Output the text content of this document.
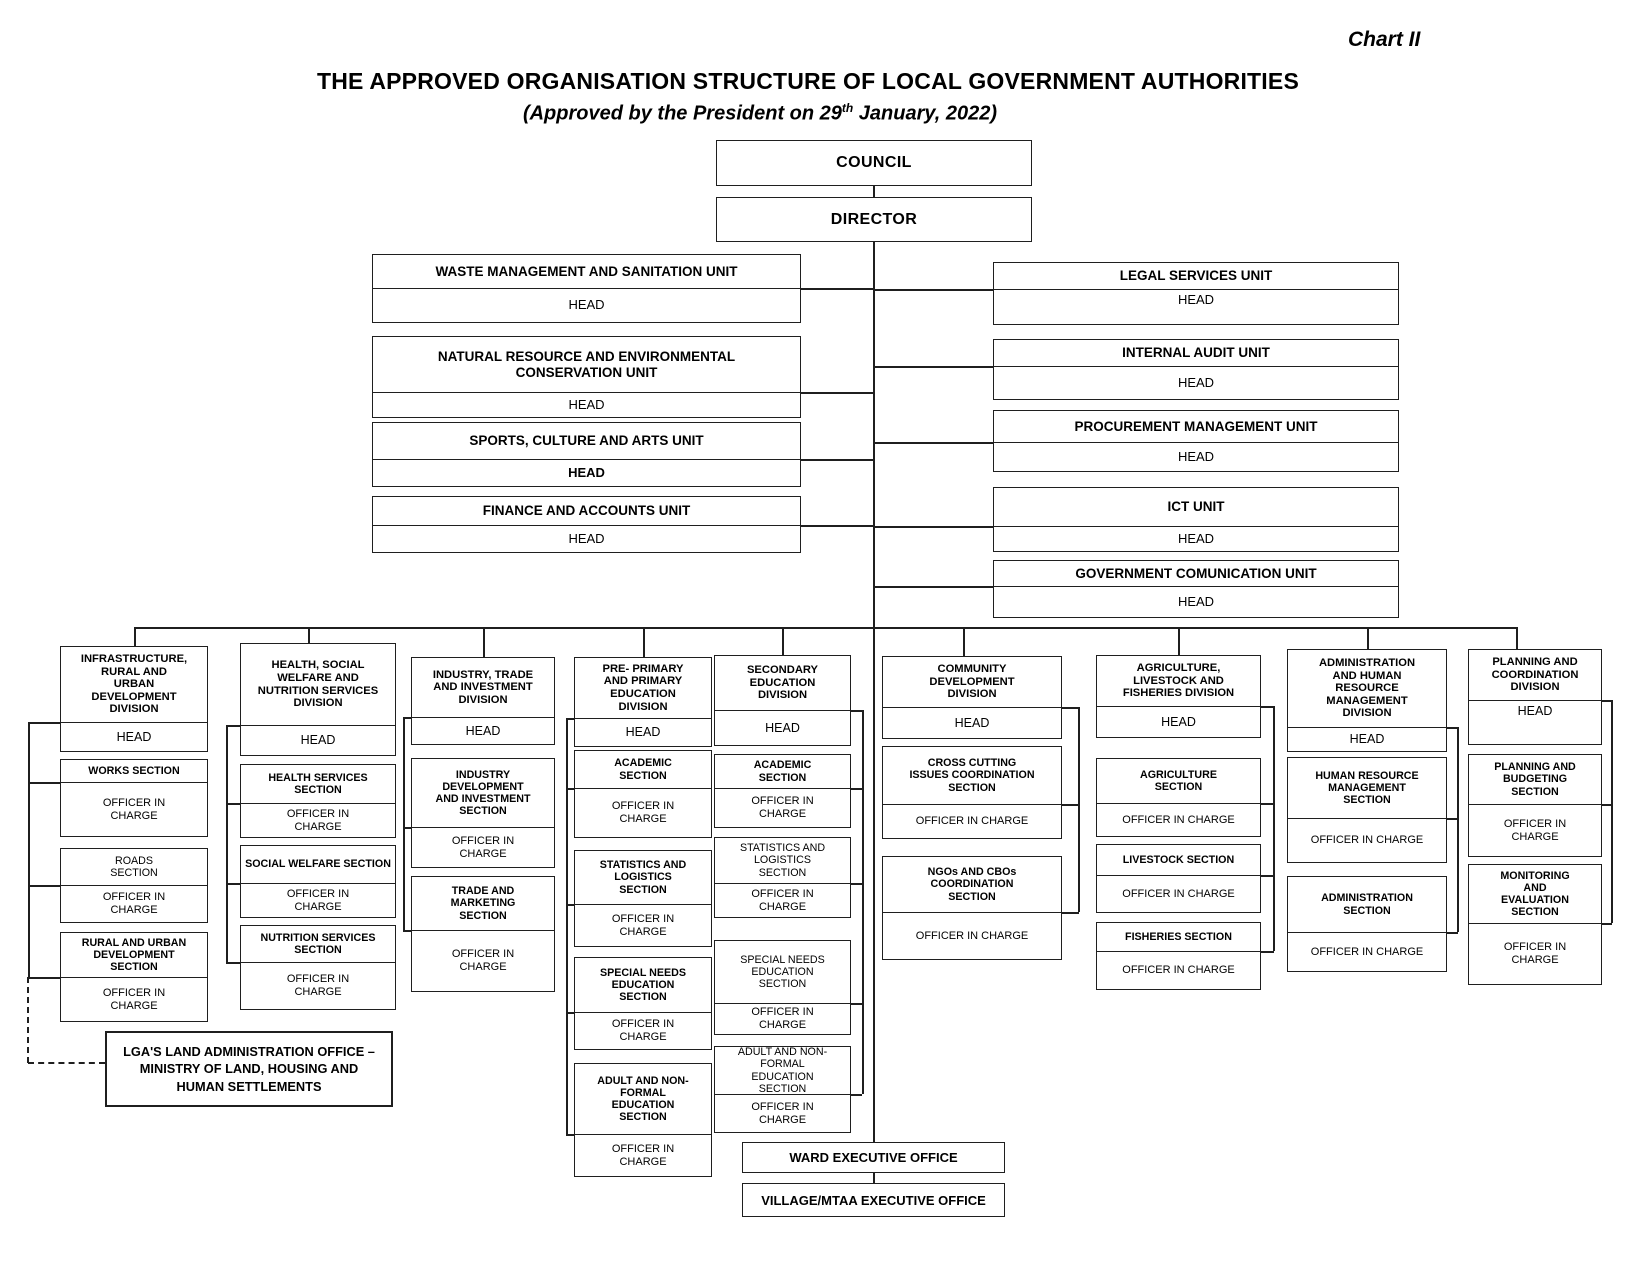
Chart II
THE APPROVED ORGANISATION STRUCTURE OF LOCAL GOVERNMENT AUTHORITIES
(Approved by the President on 29th January, 2022)
COUNCIL
DIRECTOR
WASTE MANAGEMENT AND SANITATION UNIT
HEAD
NATURAL RESOURCE AND ENVIRONMENTAL CONSERVATION UNIT
HEAD
SPORTS, CULTURE AND ARTS UNIT
HEAD
FINANCE AND ACCOUNTS UNIT
HEAD
LEGAL SERVICES UNIT
HEAD
INTERNAL AUDIT UNIT
HEAD
PROCUREMENT MANAGEMENT UNIT
HEAD
ICT UNIT
HEAD
GOVERNMENT COMUNICATION UNIT
HEAD
INFRASTRUCTURE, RURAL AND URBAN DEVELOPMENT DIVISION
HEAD
WORKS SECTION
OFFICER IN CHARGE
ROADS SECTION
OFFICER IN CHARGE
RURAL AND URBAN DEVELOPMENT SECTION
OFFICER IN CHARGE
HEALTH, SOCIAL WELFARE AND NUTRITION SERVICES DIVISION
HEAD
HEALTH SERVICES SECTION
OFFICER IN CHARGE
SOCIAL WELFARE SECTION
OFFICER IN CHARGE
NUTRITION SERVICES SECTION
OFFICER IN CHARGE
INDUSTRY, TRADE AND INVESTMENT DIVISION
HEAD
INDUSTRY DEVELOPMENT AND INVESTMENT SECTION
OFFICER IN CHARGE
TRADE AND MARKETING SECTION
OFFICER IN CHARGE
PRE- PRIMARY AND PRIMARY EDUCATION DIVISION
HEAD
ACADEMIC SECTION
OFFICER IN CHARGE
STATISTICS AND LOGISTICS SECTION
OFFICER IN CHARGE
SPECIAL NEEDS EDUCATION SECTION
OFFICER IN CHARGE
ADULT AND NON-FORMAL EDUCATION SECTION
OFFICER IN CHARGE
SECONDARY EDUCATION DIVISION
HEAD
ACADEMIC SECTION
OFFICER IN CHARGE
STATISTICS AND LOGISTICS SECTION
OFFICER IN CHARGE
SPECIAL NEEDS EDUCATION SECTION
OFFICER IN CHARGE
ADULT AND NON-FORMAL EDUCATION SECTION
OFFICER IN CHARGE
COMMUNITY DEVELOPMENT DIVISION
HEAD
CROSS CUTTING ISSUES COORDINATION SECTION
OFFICER IN CHARGE
NGOs AND CBOs COORDINATION SECTION
OFFICER IN CHARGE
AGRICULTURE, LIVESTOCK AND FISHERIES DIVISION
HEAD
AGRICULTURE SECTION
OFFICER IN CHARGE
LIVESTOCK SECTION
OFFICER IN CHARGE
FISHERIES SECTION
OFFICER IN CHARGE
ADMINISTRATION AND HUMAN RESOURCE MANAGEMENT DIVISION
HEAD
HUMAN RESOURCE MANAGEMENT SECTION
OFFICER IN CHARGE
ADMINISTRATION SECTION
OFFICER IN CHARGE
PLANNING AND COORDINATION DIVISION
HEAD
PLANNING AND BUDGETING SECTION
OFFICER IN CHARGE
MONITORING AND EVALUATION SECTION
OFFICER IN CHARGE
LGA'S LAND ADMINISTRATION OFFICE –
MINISTRY OF LAND, HOUSING AND
HUMAN SETTLEMENTS
WARD EXECUTIVE OFFICE
VILLAGE/MTAA EXECUTIVE OFFICE
